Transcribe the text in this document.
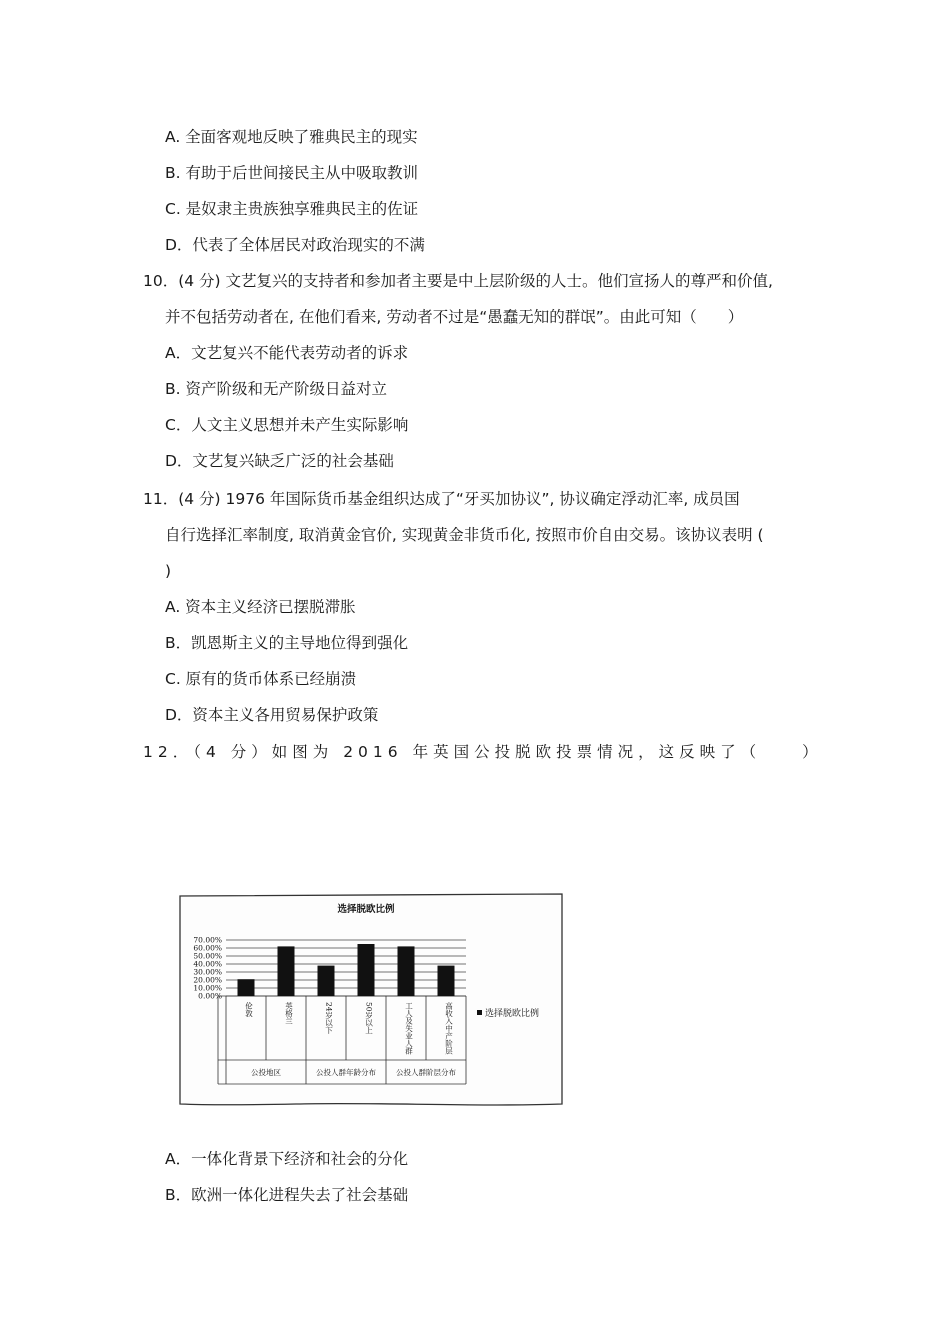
A. 全面客观地反映了雅典民主的现实
B. 有助于后世间接民主从中吸取教训
C. 是奴隶主贵族独享雅典民主的佐证
D．代表了全体居民对政治现实的不满
10．(4 分) 文艺复兴的支持者和参加者主要是中上层阶级的人士。他们宣扬人的尊严和价值,
并不包括劳动者在, 在他们看来, 劳动者不过是“愚蠢无知的群氓”。由此可知（　　）
A．文艺复兴不能代表劳动者的诉求
B. 资产阶级和无产阶级日益对立
C．人文主义思想并未产生实际影响
D．文艺复兴缺乏广泛的社会基础
11．(4 分) 1976 年国际货币基金组织达成了“牙买加协议”, 协议确定浮动汇率, 成员国
自行选择汇率制度, 取消黄金官价, 实现黄金非货币化, 按照市价自由交易。该协议表明 (
)
A. 资本主义经济已摆脱滞胀
B．凯恩斯主义的主导地位得到强化
C. 原有的货币体系已经崩溃
D．资本主义各用贸易保护政策
12．（4 分）如图为 2016 年英国公投脱欧投票情况，这反映了（　　）
选择脱欧比例
70.00%
60.00%
50.00%
40.00%
30.00%
20.00%
10.00%
0.00%
伦敦	英格兰	24岁以下	50岁以上	工人及失业人群	高收入中产阶层
公投地区	公投人群年龄分布	公投人群阶层分布
选择脱欧比例
A．一体化背景下经济和社会的分化
B．欧洲一体化进程失去了社会基础
